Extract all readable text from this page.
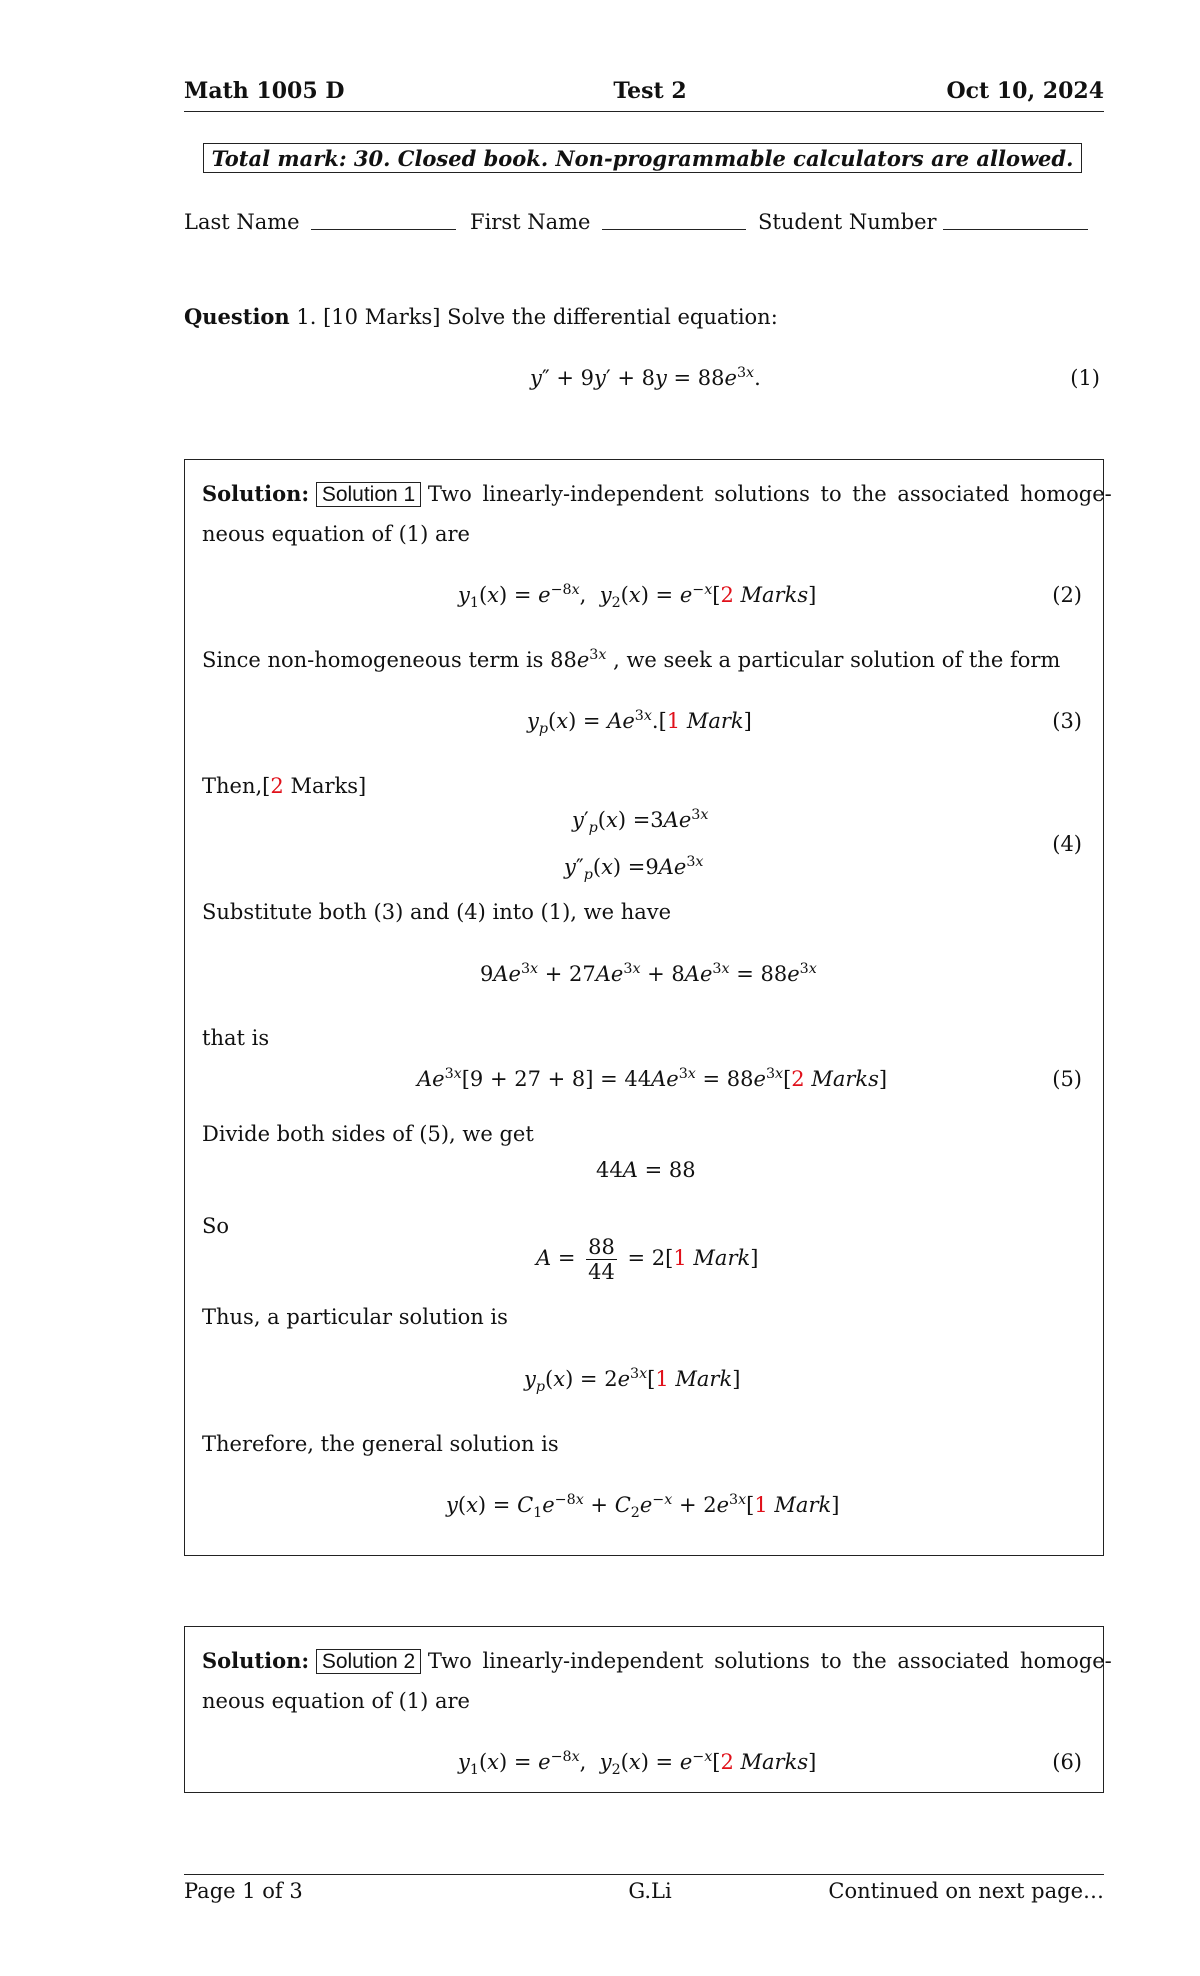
Math 1005 D	Test 2	Oct 10, 2024
Total mark: 30. Closed book. Non-programmable calculators are allowed.
Last Name	First Name	Student Number
Question 1. [10 Marks] Solve the differential equation:
$y'' + 9y' + 8y = 88e^{3x}$.	(1)
Solution: Solution 1 Two linearly-independent solutions to the associated homoge-
neous equation of (1) are
$y_1(x) = e^{-8x}$,  $y_2(x) = e^{-x}[2$ Marks]	(2)
Since non-homogeneous term is $88e^{3x}$ , we seek a particular solution of the form
$y_p(x) = Ae^{3x}.[1$ Mark]	(3)
Then,[2 Marks]
$y'_p(x) =3Ae^{3x}$
$y''_p(x) =9Ae^{3x}$
(4)
Substitute both (3) and (4) into (1), we have
$9Ae^{3x} + 27Ae^{3x} + 8Ae^{3x} = 88e^{3x}$
that is
$Ae^{3x}[9 + 27 + 8] = 44Ae^{3x} = 88e^{3x}[2$ Marks]	(5)
Divide both sides of (5), we get
44A = 88
So
$A = \frac{88}{44} = 2[1$ Mark]
Thus, a particular solution is
$y_p(x) = 2e^{3x}[1$ Mark]
Therefore, the general solution is
$y(x) = C_1e^{-8x} + C_2e^{-x} + 2e^{3x}[1$ Mark]
Solution: Solution 2 Two linearly-independent solutions to the associated homoge-
neous equation of (1) are
$y_1(x) = e^{-8x}$,  $y_2(x) = e^{-x}[2$ Marks]	(6)
Page 1 of 3	G.Li	Continued on next page…
